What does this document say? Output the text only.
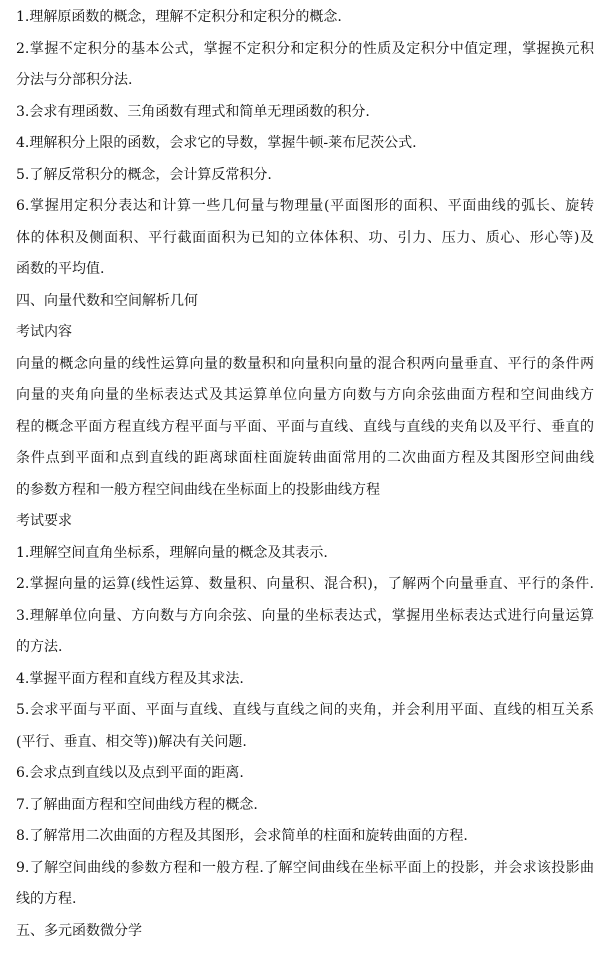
1.理解原函数的概念，理解不定积分和定积分的概念.

2.掌握不定积分的基本公式，掌握不定积分和定积分的性质及定积分中值定理，掌握换元积

分法与分部积分法.

3.会求有理函数、三角函数有理式和简单无理函数的积分.

4.理解积分上限的函数，会求它的导数，掌握牛顿-莱布尼茨公式.

5.了解反常积分的概念，会计算反常积分.

6.掌握用定积分表达和计算一些几何量与物理量(平面图形的面积、平面曲线的弧长、旋转

体的体积及侧面积、平行截面面积为已知的立体体积、功、引力、压力、质心、形心等)及

函数的平均值.

四、向量代数和空间解析几何

考试内容

向量的概念向量的线性运算向量的数量积和向量积向量的混合积两向量垂直、平行的条件两

向量的夹角向量的坐标表达式及其运算单位向量方向数与方向余弦曲面方程和空间曲线方

程的概念平面方程直线方程平面与平面、平面与直线、直线与直线的夹角以及平行、垂直的

条件点到平面和点到直线的距离球面柱面旋转曲面常用的二次曲面方程及其图形空间曲线

的参数方程和一般方程空间曲线在坐标面上的投影曲线方程

考试要求

1.理解空间直角坐标系，理解向量的概念及其表示.

2.掌握向量的运算(线性运算、数量积、向量积、混合积)，了解两个向量垂直、平行的条件.

3.理解单位向量、方向数与方向余弦、向量的坐标表达式，掌握用坐标表达式进行向量运算

的方法.

4.掌握平面方程和直线方程及其求法.

5.会求平面与平面、平面与直线、直线与直线之间的夹角，并会利用平面、直线的相互关系

(平行、垂直、相交等))解决有关问题.

6.会求点到直线以及点到平面的距离.

7.了解曲面方程和空间曲线方程的概念.

8.了解常用二次曲面的方程及其图形，会求简单的柱面和旋转曲面的方程.

9.了解空间曲线的参数方程和一般方程.了解空间曲线在坐标平面上的投影，并会求该投影曲

线的方程.

五、多元函数微分学
